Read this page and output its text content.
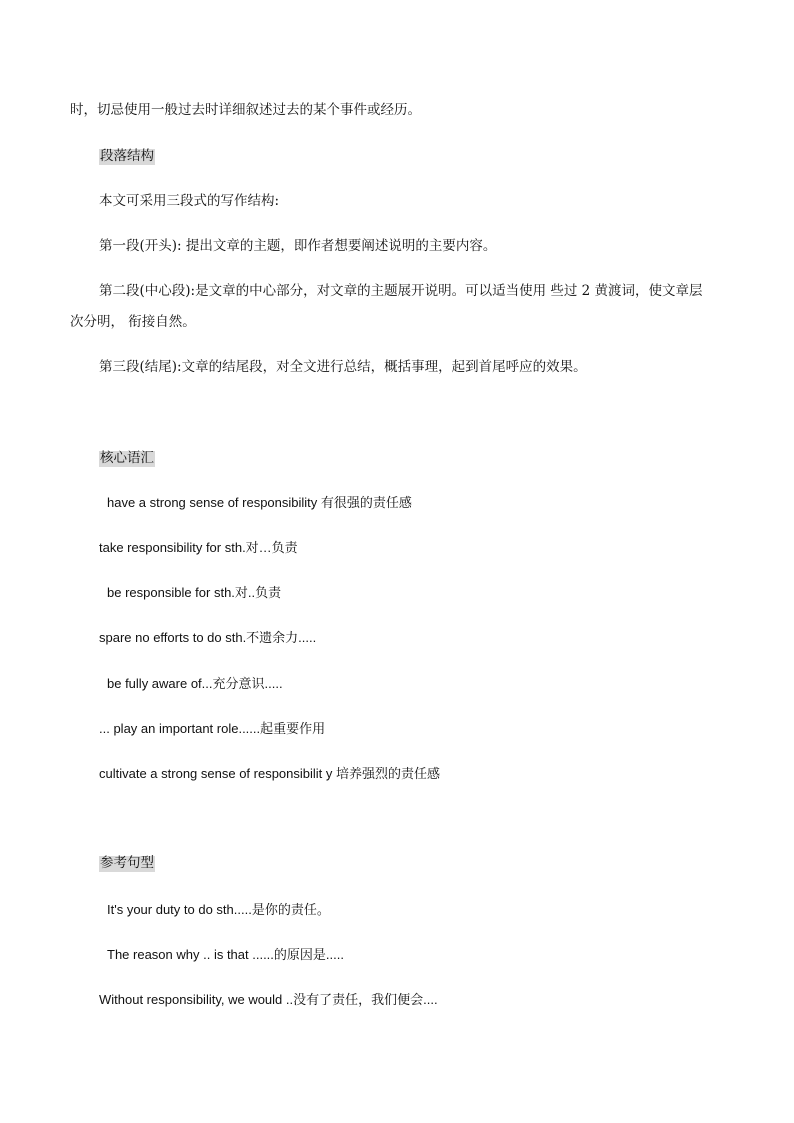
时，切忌使用一般过去时详细叙述过去的某个事件或经历。
段落结构
本文可采用三段式的写作结构:
第一段(开头): 提出文章的主题，即作者想要阐述说明的主要内容。
第二段(中心段):是文章的中心部分，对文章的主题展开说明。可以适当使用 些过 2 黄渡词，使文章层
次分明， 衔接自然。
第三段(结尾):文章的结尾段，对全文进行总结，概括事理，起到首尾呼应的效果。
核心语汇
have a strong sense of responsibility 有很强的责任感
take responsibility for sth.对…负责
be responsible for sth.对..负责
spare no efforts to do sth.不遗余力.....
be fully aware of...充分意识.....
... play an important role......起重要作用
cultivate a strong sense of responsibilit y 培养强烈的责任感
参考句型
It's your duty to do sth.....是你的责任。
The reason why .. is that ......的原因是.....
Without responsibility, we would ..没有了责任，我们便会....
